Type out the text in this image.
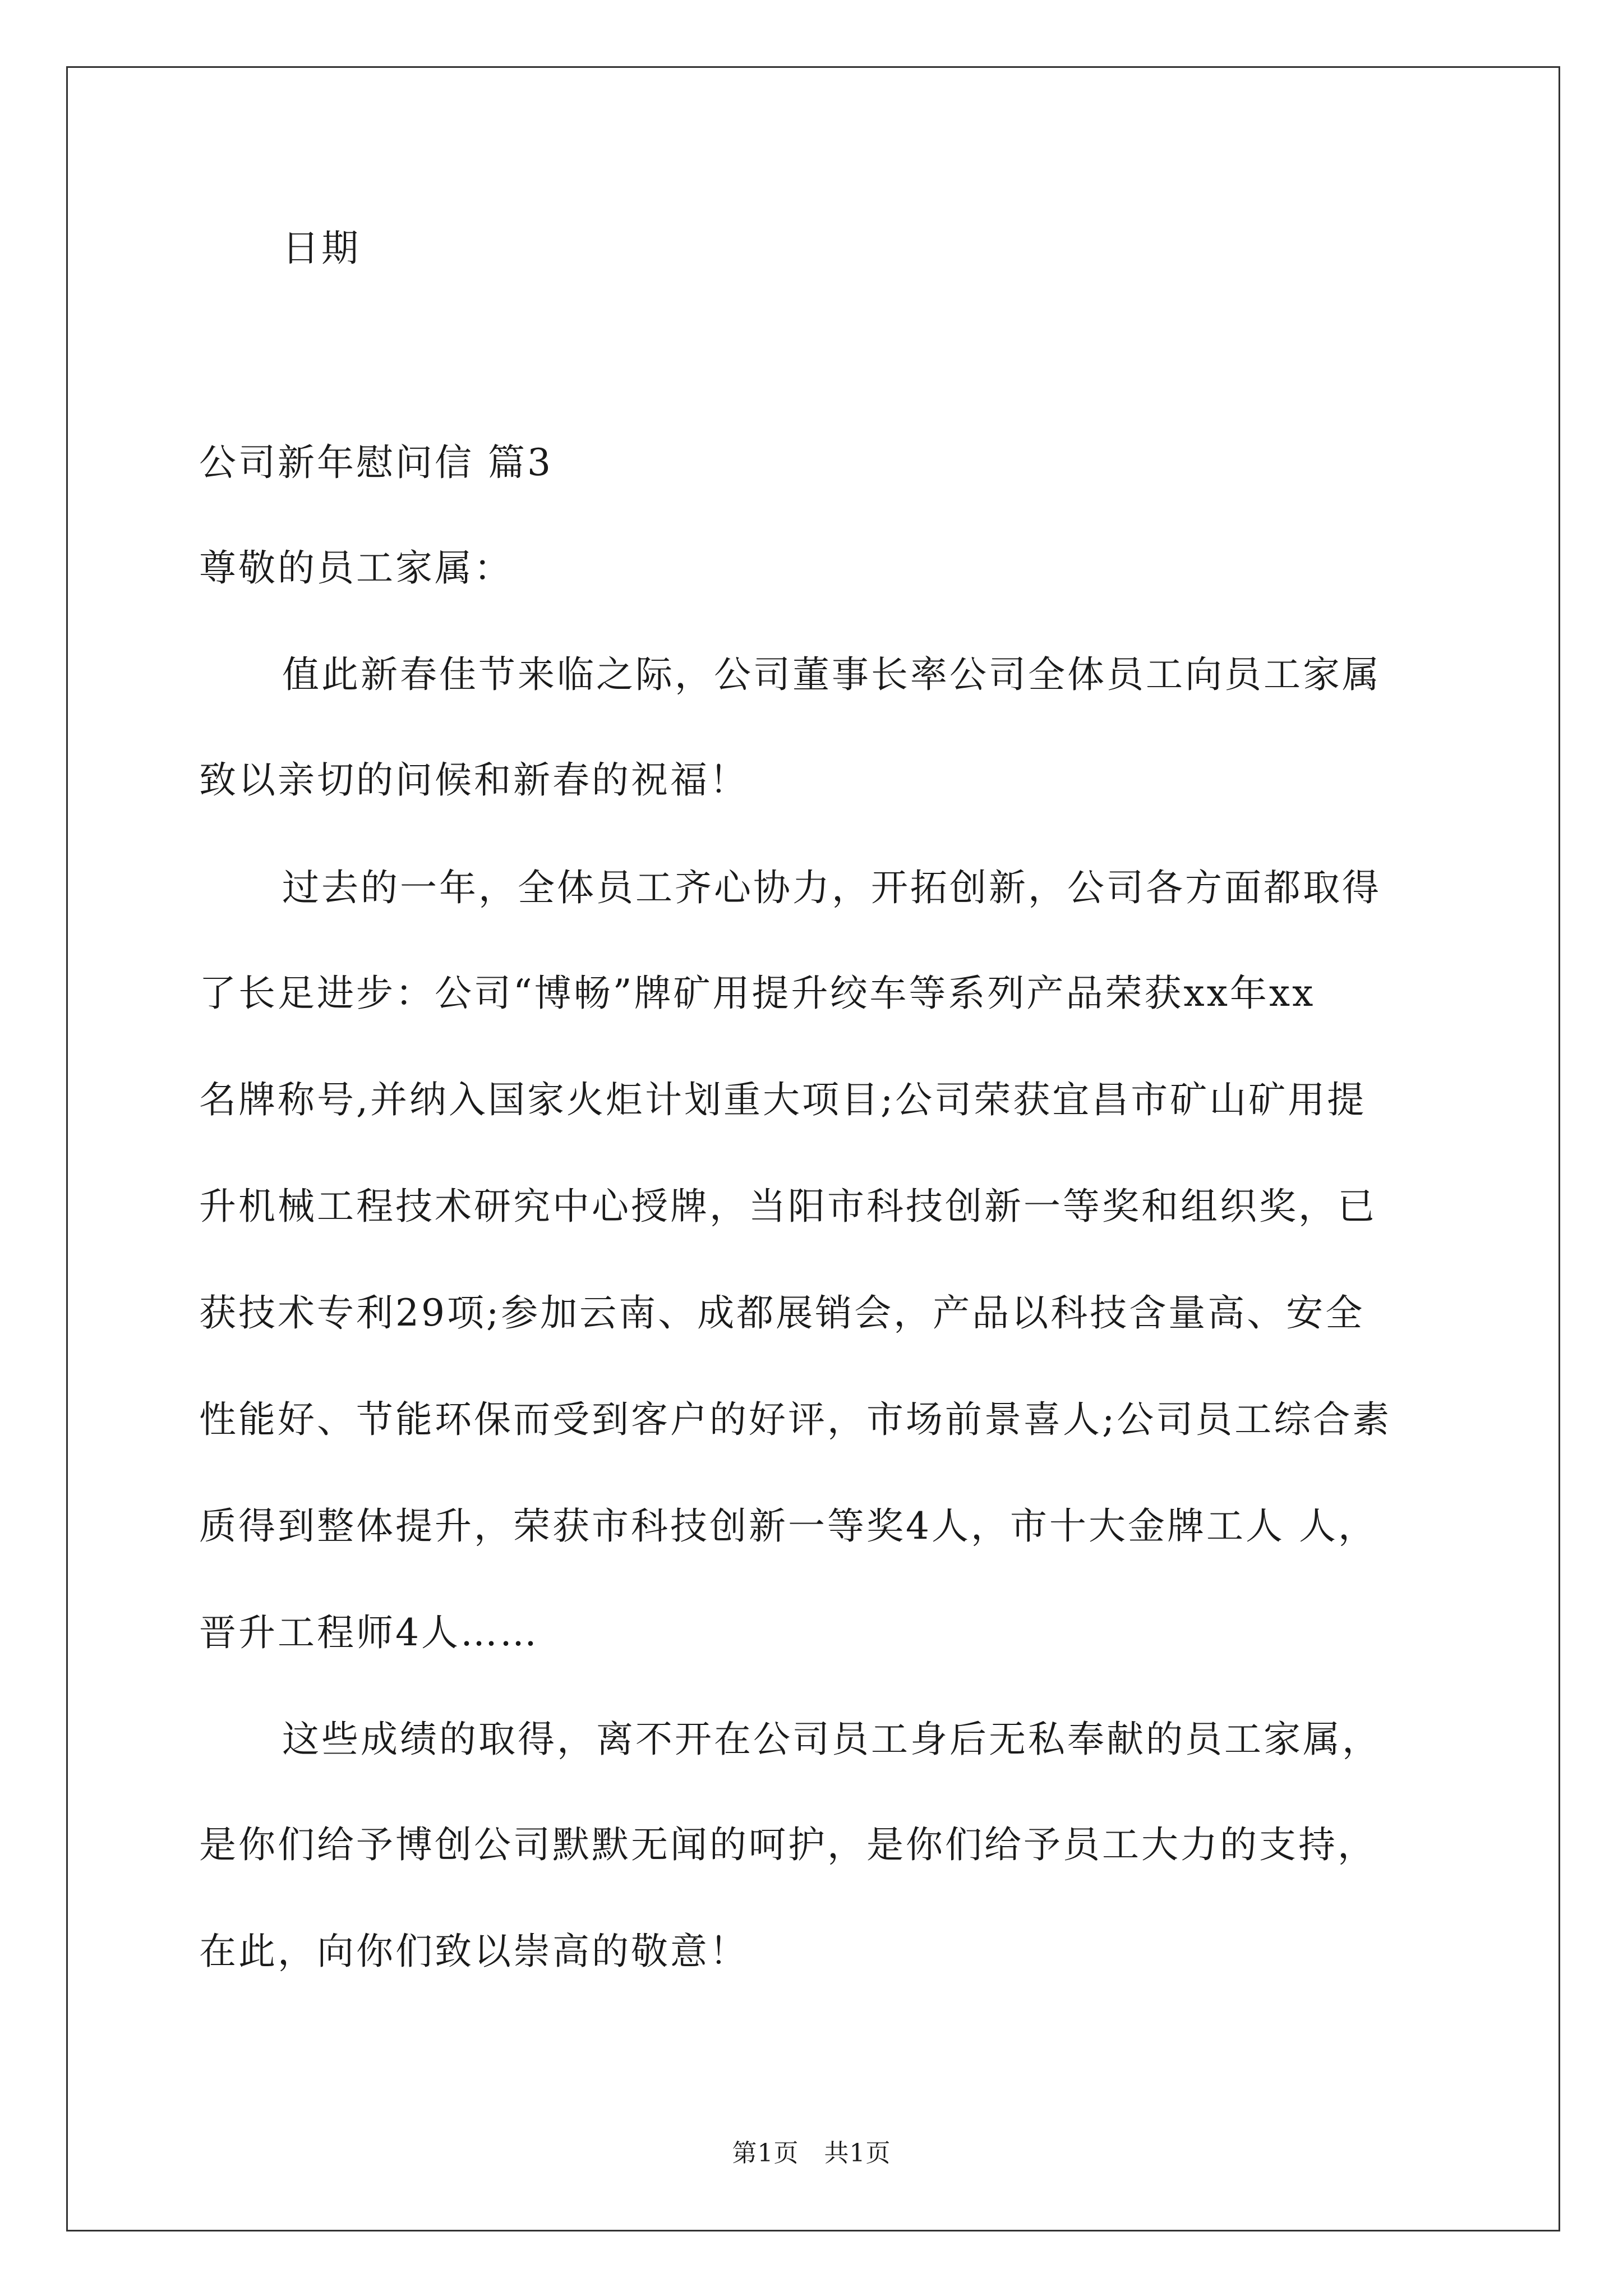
日期
公司新年慰问信 篇3
尊敬的员工家属：
值此新春佳节来临之际，公司董事长率公司全体员工向员工家属
致以亲切的问候和新春的祝福！
过去的一年，全体员工齐心协力，开拓创新，公司各方面都取得
了长足进步：公司“博畅”牌矿用提升绞车等系列产品荣获xx年xx
名牌称号,并纳入国家火炬计划重大项目;公司荣获宜昌市矿山矿用提
升机械工程技术研究中心授牌，当阳市科技创新一等奖和组织奖，已
获技术专利29项;参加云南、成都展销会，产品以科技含量高、安全
性能好、节能环保而受到客户的好评，市场前景喜人;公司员工综合素
质得到整体提升，荣获市科技创新一等奖4人，市十大金牌工人 人，
晋升工程师4人……
这些成绩的取得，离不开在公司员工身后无私奉献的员工家属，
是你们给予博创公司默默无闻的呵护，是你们给予员工大力的支持，
在此，向你们致以崇高的敬意！
第1页　共1页
